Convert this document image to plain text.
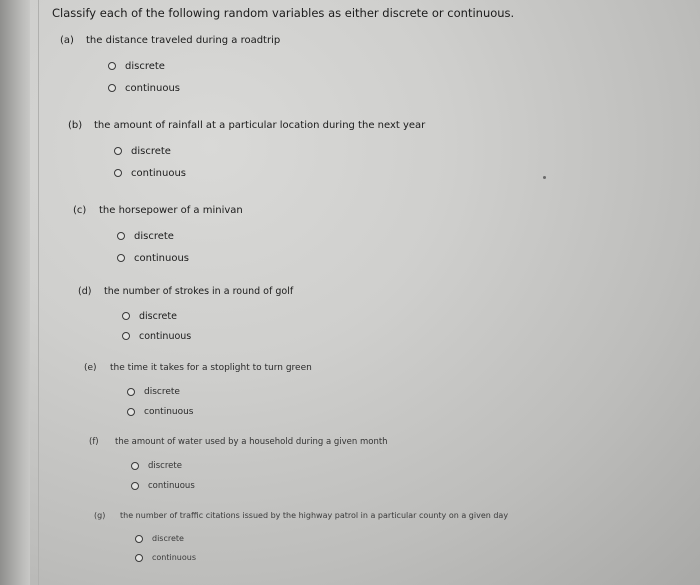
Classify each of the following random variables as either discrete or continuous.
(a) the distance traveled during a roadtrip
discrete
continuous
(b) the amount of rainfall at a particular location during the next year
discrete
continuous
(c) the horsepower of a minivan
discrete
continuous
(d) the number of strokes in a round of golf
discrete
continuous
(e)	the time it takes for a stoplight to turn green
discrete
continuous
(f)	the amount of water used by a household during a given month
discrete
continuous
(g)	the number of traffic citations issued by the highway patrol in a particular county on a given day
discrete
continuous
